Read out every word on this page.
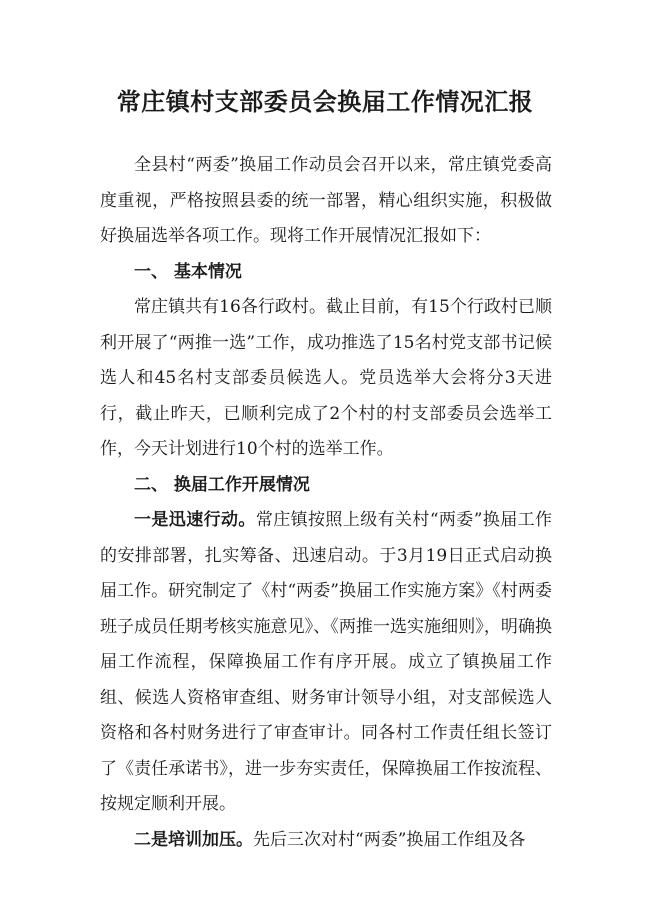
常庄镇村支部委员会换届工作情况汇报

全县村“两委”换届工作动员会召开以来，常庄镇党委高度重视，严格按照县委的统一部署，精心组织实施，积极做好换届选举各项工作。现将工作开展情况汇报如下：

一、 基本情况

常庄镇共有16各行政村。截止目前，有15个行政村已顺利开展了“两推一选”工作，成功推选了15名村党支部书记候选人和45名村支部委员候选人。党员选举大会将分3天进行，截止昨天，已顺利完成了2个村的村支部委员会选举工作，今天计划进行10个村的选举工作。

二、 换届工作开展情况

一是迅速行动。常庄镇按照上级有关村“两委”换届工作的安排部署，扎实筹备、迅速启动。于3月19日正式启动换届工作。研究制定了《村“两委”换届工作实施方案》《村两委班子成员任期考核实施意见》、《两推一选实施细则》，明确换届工作流程，保障换届工作有序开展。成立了镇换届工作组、候选人资格审查组、财务审计领导小组，对支部候选人资格和各村财务进行了审查审计。同各村工作责任组长签订了《责任承诺书》，进一步夯实责任，保障换届工作按流程、按规定顺利开展。

二是培训加压。先后三次对村“两委”换届工作组及各
